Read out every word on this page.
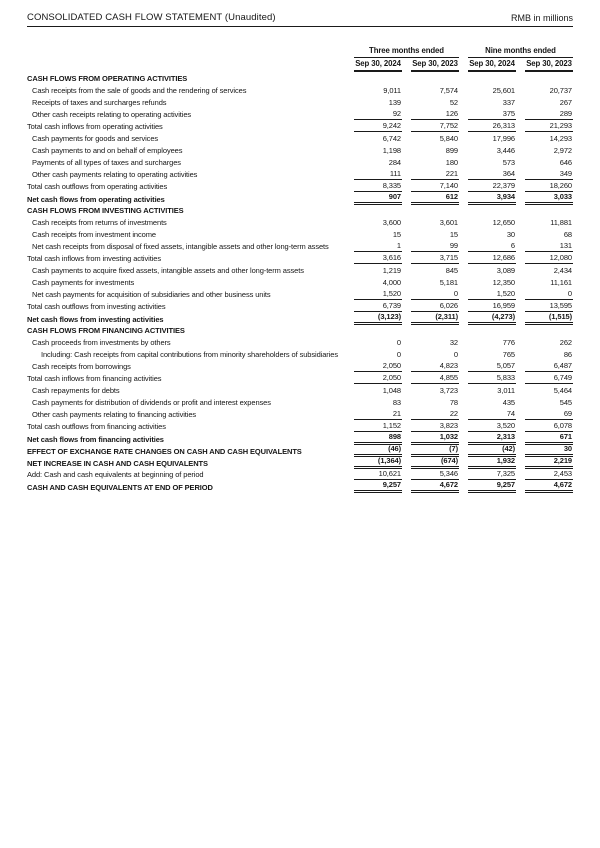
CONSOLIDATED CASH FLOW STATEMENT (Unaudited)	RMB in millions
Three months ended	Nine months ended
Sep 30, 2024 Sep 30, 2023 Sep 30, 2024 Sep 30, 2023
CASH FLOWS FROM OPERATING ACTIVITIES
Cash receipts from the sale of goods and the rendering of services	9,011	7,574	25,601	20,737
Receipts of taxes and surcharges refunds	139	52	337	267
Other cash receipts relating to operating activities	92	126	375	289
Total cash inflows from operating activities	9,242	7,752	26,313	21,293
Cash payments for goods and services	6,742	5,840	17,996	14,293
Cash payments to and on behalf of employees	1,198	899	3,446	2,972
Payments of all types of taxes and surcharges	284	180	573	646
Other cash payments relating to operating activities	111	221	364	349
Total cash outflows from operating activities	8,335	7,140	22,379	18,260
Net cash flows from operating activities	907	612	3,934	3,033
CASH FLOWS FROM INVESTING ACTIVITIES
Cash receipts from returns of investments	3,600	3,601	12,650	11,881
Cash receipts from investment income	15	15	30	68
Net cash receipts from disposal of fixed assets, intangible assets and other long-term assets	1	99	6	131
Total cash inflows from investing activities	3,616	3,715	12,686	12,080
Cash payments to acquire fixed assets, intangible assets and other long-term assets	1,219	845	3,089	2,434
Cash payments for investments	4,000	5,181	12,350	11,161
Net cash payments for acquisition of subsidiaries and other business units	1,520	0	1,520	0
Total cash outflows from investing activities	6,739	6,026	16,959	13,595
Net cash flows from investing activities	(3,123)	(2,311)	(4,273)	(1,515)
CASH FLOWS FROM FINANCING ACTIVITIES
Cash proceeds from investments by others	0	32	776	262
Including: Cash receipts from capital contributions from minority shareholders of subsidiaries	0	0	765	86
Cash receipts from borrowings	2,050	4,823	5,057	6,487
Total cash inflows from financing activities	2,050	4,855	5,833	6,749
Cash repayments for debts	1,048	3,723	3,011	5,464
Cash payments for distribution of dividends or profit and interest expenses	83	78	435	545
Other cash payments relating to financing activities	21	22	74	69
Total cash outflows from financing activities	1,152	3,823	3,520	6,078
Net cash flows from financing activities	898	1,032	2,313	671
EFFECT OF EXCHANGE RATE CHANGES ON CASH AND CASH EQUIVALENTS	(46)	(7)	(42)	30
NET INCREASE IN CASH AND CASH EQUIVALENTS	(1,364)	(674)	1,932	2,219
Add: Cash and cash equivalents at beginning of period	10,621	5,346	7,325	2,453
CASH AND CASH EQUIVALENTS AT END OF PERIOD	9,257	4,672	9,257	4,672
